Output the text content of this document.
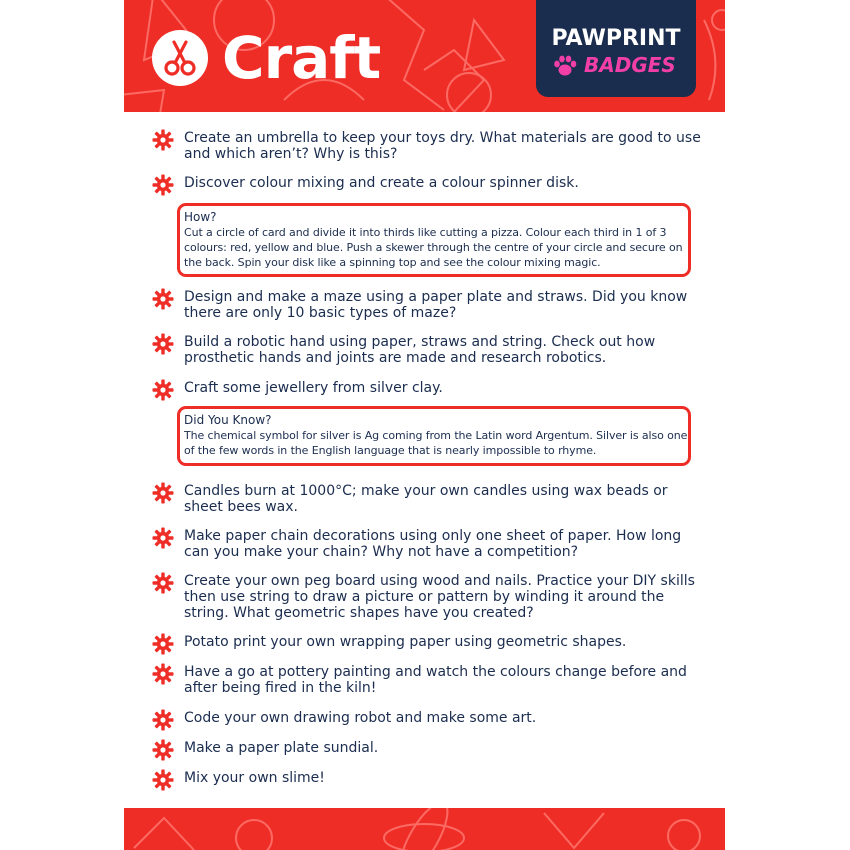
Craft	PAWPRINT
BADGES
Create an umbrella to keep your toys dry. What materials are good to use and which aren’t? Why is this?
Discover colour mixing and create a colour spinner disk.
How?
Cut a circle of card and divide it into thirds like cutting a pizza. Colour each third in 1 of 3 colours: red, yellow and blue. Push a skewer through the centre of your circle and secure on the back. Spin your disk like a spinning top and see the colour mixing magic.
Design and make a maze using a paper plate and straws. Did you know there are only 10 basic types of maze?
Build a robotic hand using paper, straws and string. Check out how prosthetic hands and joints are made and research robotics.
Craft some jewellery from silver clay.
Did You Know?
The chemical symbol for silver is Ag coming from the Latin word Argentum. Silver is also one of the few words in the English language that is nearly impossible to rhyme.
Candles burn at 1000°C; make your own candles using wax beads or sheet bees wax.
Make paper chain decorations using only one sheet of paper. How long can you make your chain? Why not have a competition?
Create your own peg board using wood and nails. Practice your DIY skills then use string to draw a picture or pattern by winding it around the string. What geometric shapes have you created?
Potato print your own wrapping paper using geometric shapes.
Have a go at pottery painting and watch the colours change before and after being fired in the kiln!
Code your own drawing robot and make some art.
Make a paper plate sundial.
Mix your own slime!
